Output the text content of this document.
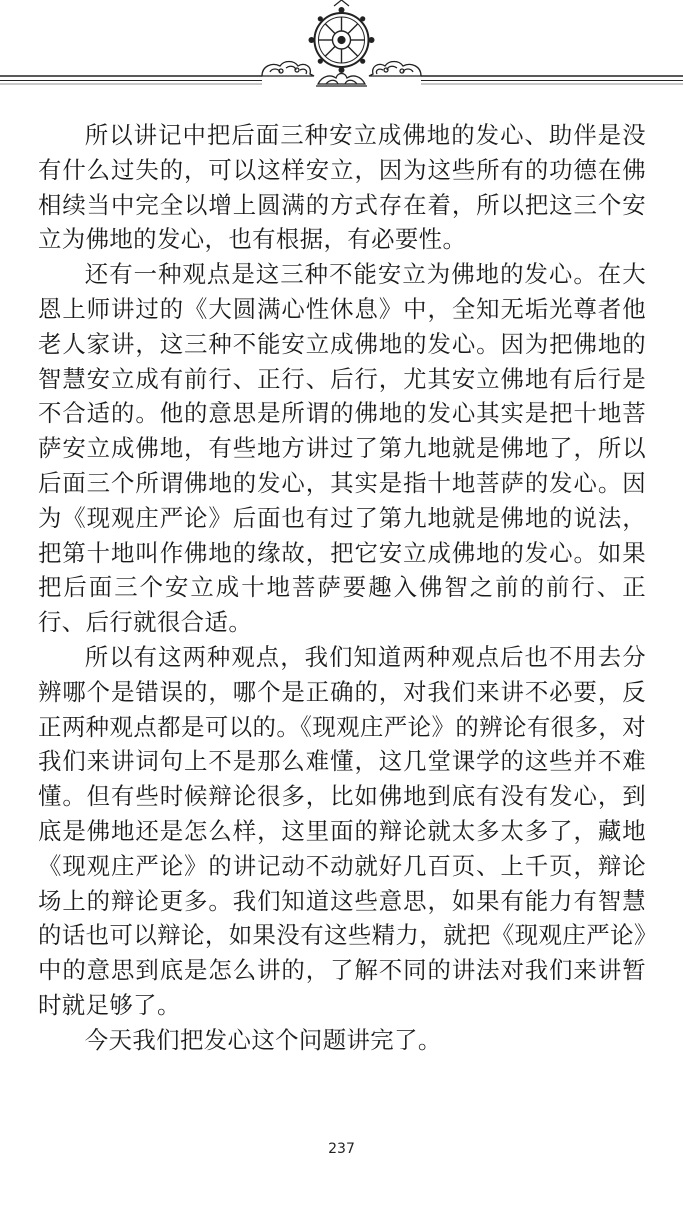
所以讲记中把后面三种安立成佛地的发心、助伴是没有什么过失的，可以这样安立，因为这些所有的功德在佛相续当中完全以增上圆满的方式存在着，所以把这三个安立为佛地的发心，也有根据，有必要性。

还有一种观点是这三种不能安立为佛地的发心。在大恩上师讲过的《大圆满心性休息》中，全知无垢光尊者他老人家讲，这三种不能安立成佛地的发心。因为把佛地的智慧安立成有前行、正行、后行，尤其安立佛地有后行是不合适的。他的意思是所谓的佛地的发心其实是把十地菩萨安立成佛地，有些地方讲过了第九地就是佛地了，所以后面三个所谓佛地的发心，其实是指十地菩萨的发心。因为《现观庄严论》后面也有过了第九地就是佛地的说法，把第十地叫作佛地的缘故，把它安立成佛地的发心。如果把后面三个安立成十地菩萨要趣入佛智之前的前行、正行、后行就很合适。

所以有这两种观点，我们知道两种观点后也不用去分辨哪个是错误的，哪个是正确的，对我们来讲不必要，反正两种观点都是可以的。《现观庄严论》的辨论有很多，对我们来讲词句上不是那么难懂，这几堂课学的这些并不难懂。但有些时候辩论很多，比如佛地到底有没有发心，到底是佛地还是怎么样，这里面的辩论就太多太多了，藏地《现观庄严论》的讲记动不动就好几百页、上千页，辩论场上的辩论更多。我们知道这些意思，如果有能力有智慧的话也可以辩论，如果没有这些精力，就把《现观庄严论》中的意思到底是怎么讲的，了解不同的讲法对我们来讲暂时就足够了。

今天我们把发心这个问题讲完了。

237
